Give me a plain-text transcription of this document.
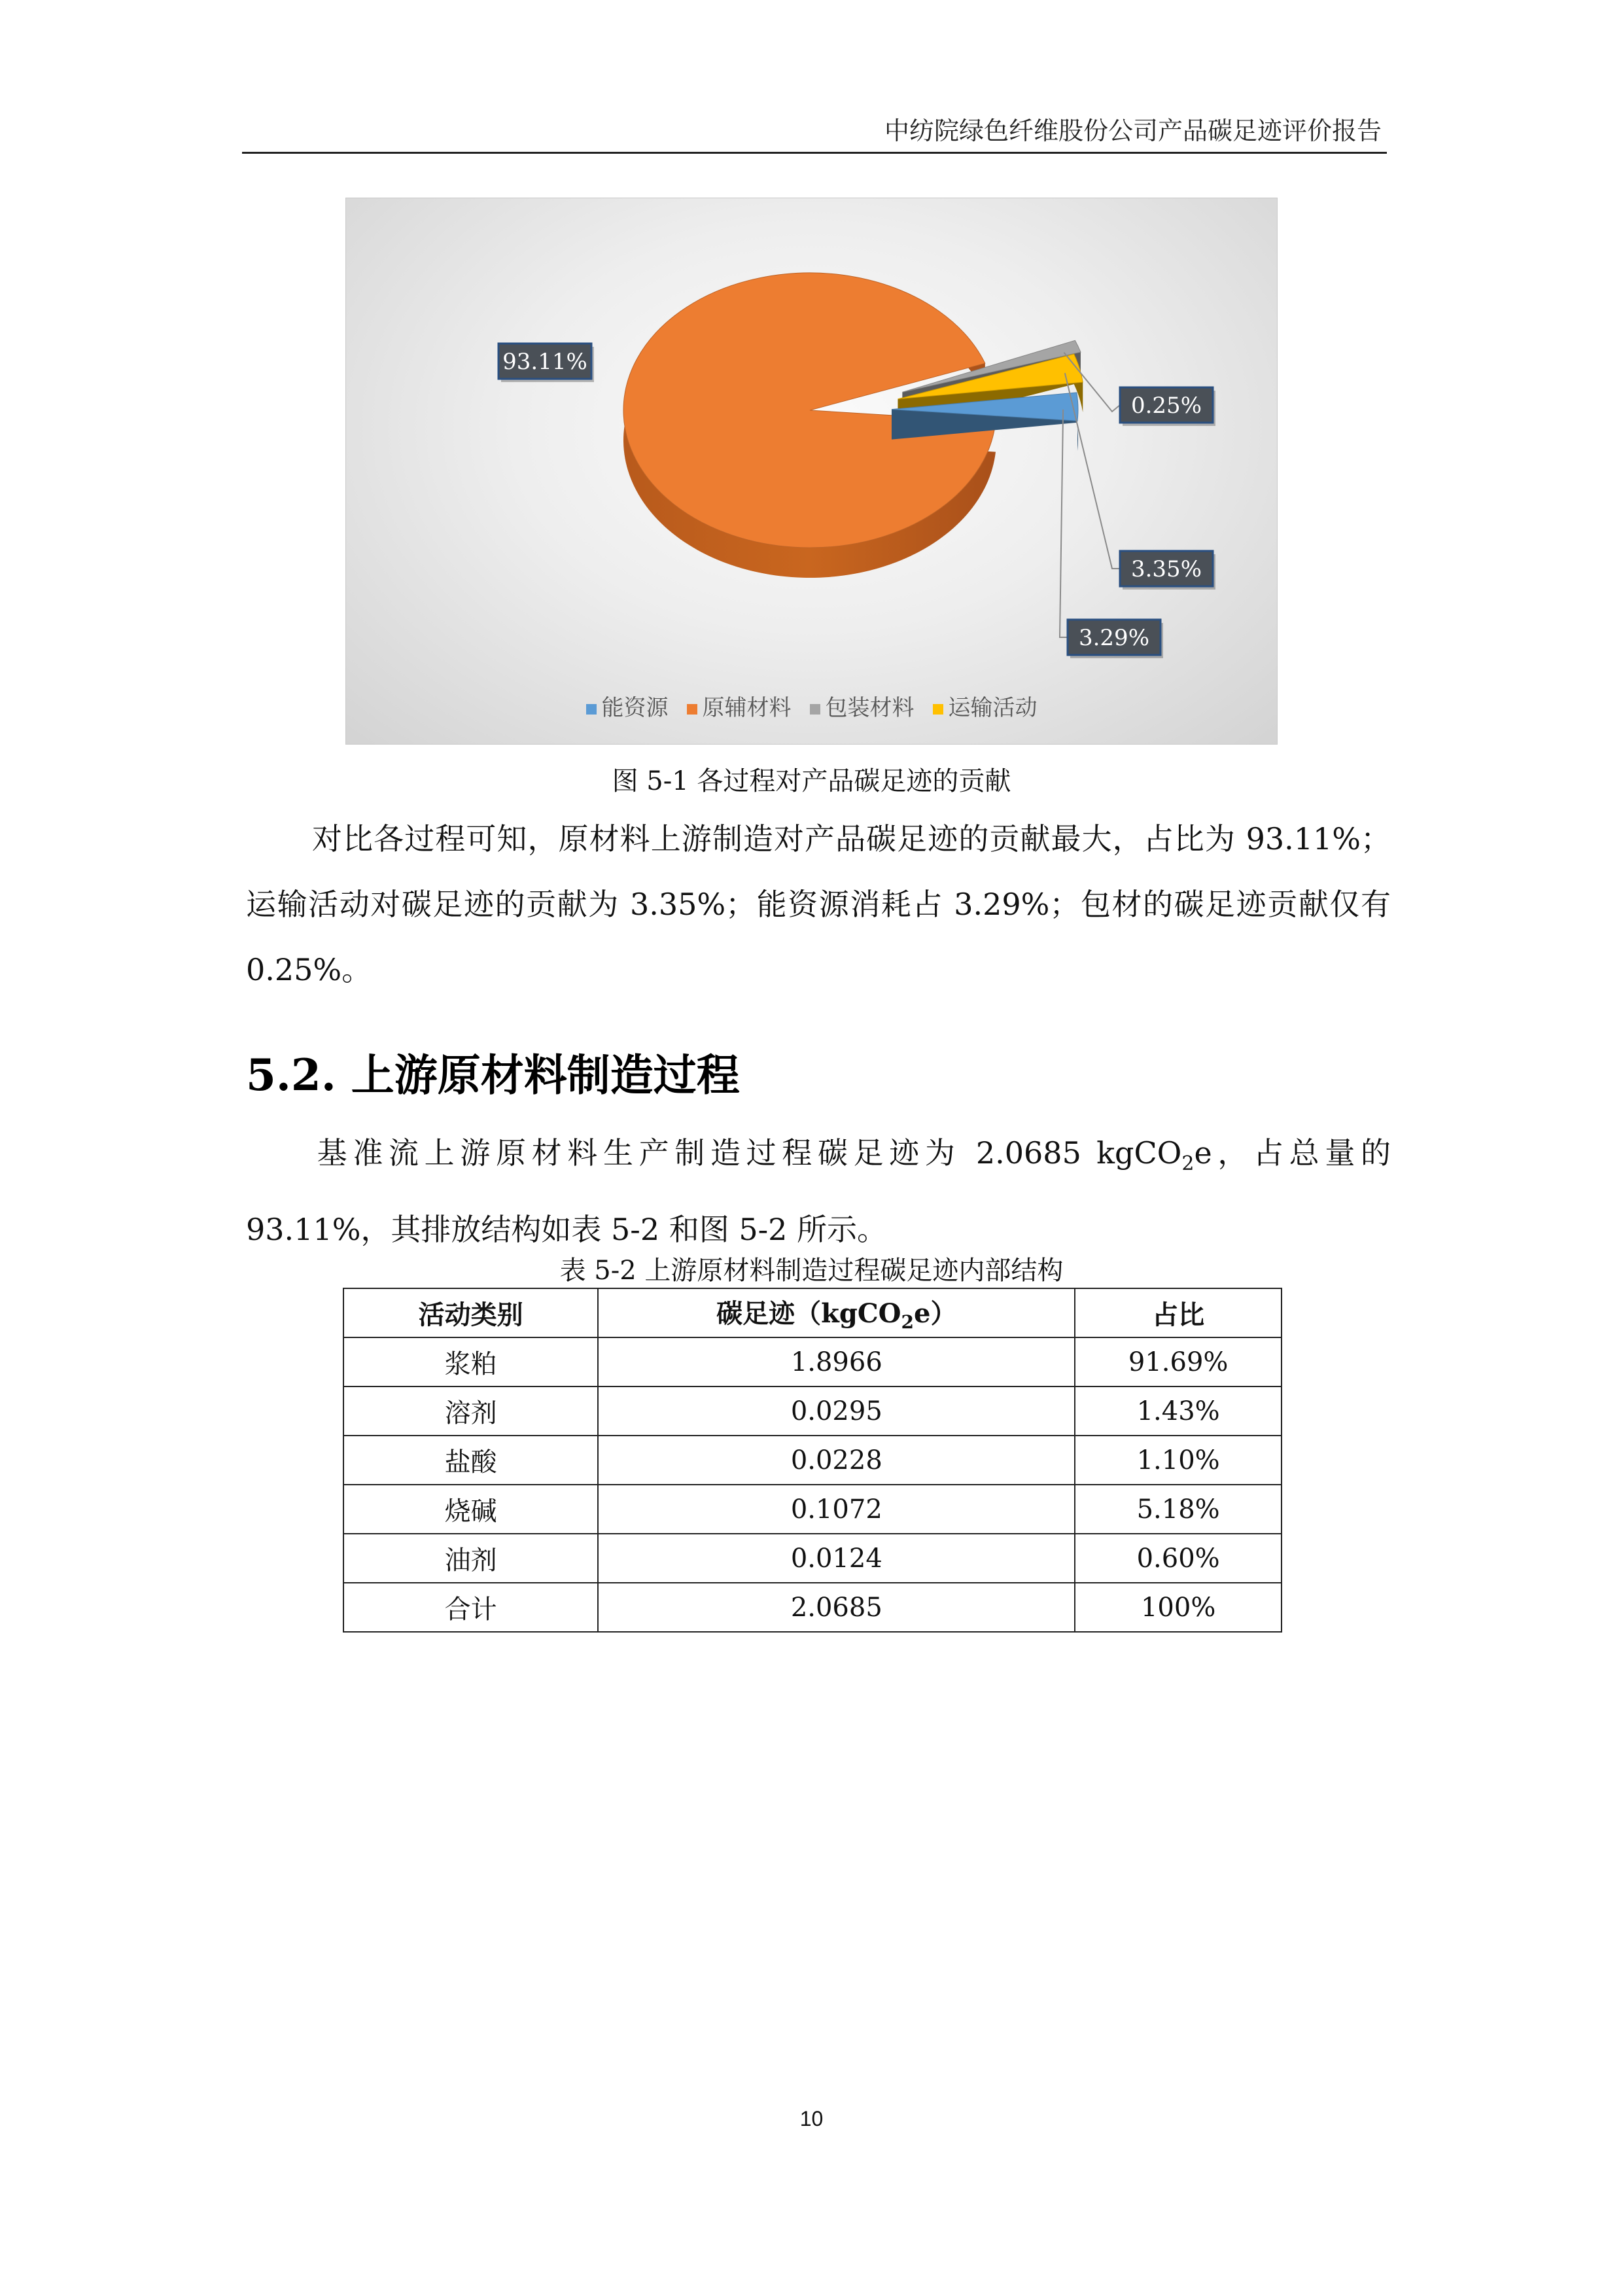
中纺院绿色纤维股份公司产品碳足迹评价报告
3.29%
93.11%
0.25%
3.35%
能资源 原辅材料 包装材料 运输活动
图 5-1 各过程对产品碳足迹的贡献
对比各过程可知，原材料上游制造对产品碳足迹的贡献最大，占比为 93.11%；运输活动对碳足迹的贡献为 3.35%；能资源消耗占 3.29%；包材的碳足迹贡献仅有 0.25%。
5.2. 上游原材料制造过程
基准流上游原材料生产制造过程碳足迹为 2.0685 kgCO$_2$e，占总量的 93.11%，其排放结构如表 5-2 和图 5-2 所示。
表 5-2 上游原材料制造过程碳足迹内部结构
活动类别	碳足迹（kgCO$_2$e）	占比
浆粕	1.8966	91.69%
溶剂	0.0295	1.43%
盐酸	0.0228	1.10%
烧碱	0.1072	5.18%
油剂	0.0124	0.60%
合计	2.0685	100%
10
